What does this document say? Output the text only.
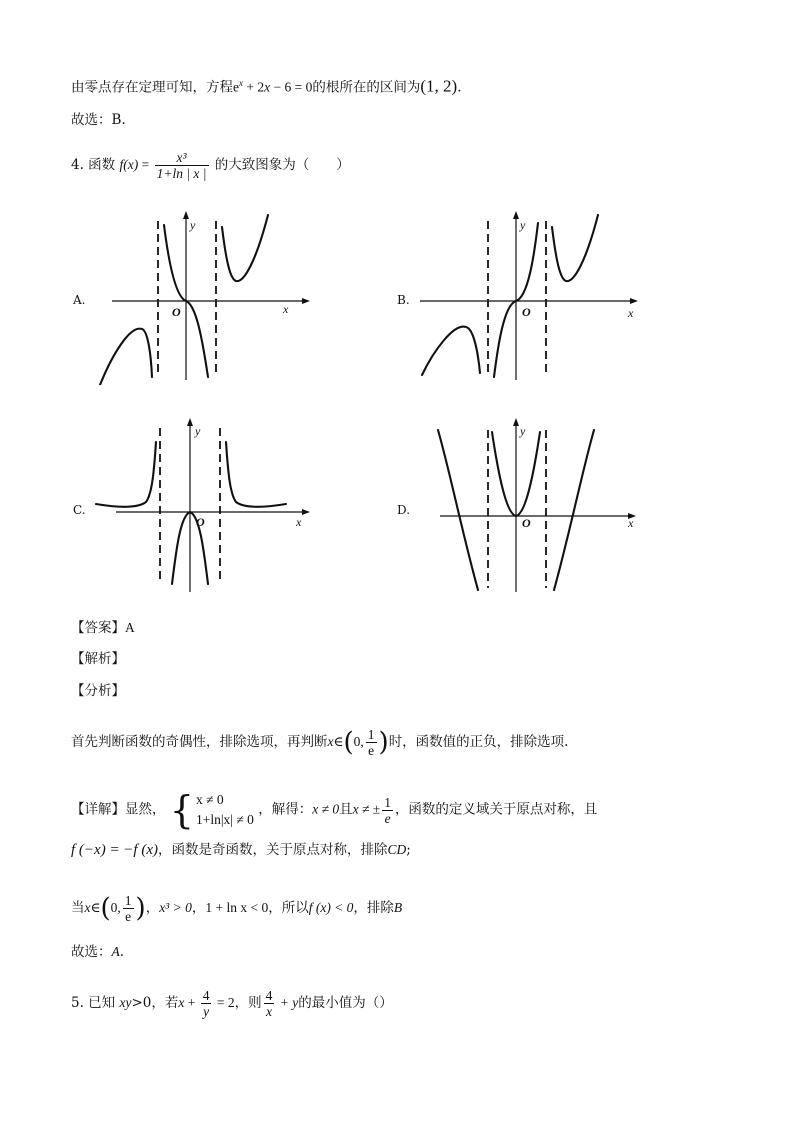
由零点存在定理可知，方程$e^x + 2x - 6 = 0$的根所在的区间为(1, 2).
故选：B.
4. 函数 $f(x) = \frac{\text{x³}}{1+\ln | x |}$ 的大致图象为（　　）
A.	B.
C.	D.
y
x
O
y
x
O
y
x
O
y
x
O
【答案】A
【解析】
【分析】
首先判断函数的奇偶性，排除选项，再判断x∈(0, $\frac{1}{e}$ )时，函数值的正负，排除选项.
【详解】显然， { x ≠ 0
1+ln|x| ≠ 0
，解得：x ≠ 0且x ≠ ± $\frac{1}{e}$ ，函数的定义域关于原点对称，且
f (−x) = −f (x)，函数是奇函数，关于原点对称，排除CD;
当x∈(0, $\frac{1}{e}$ )，x³ > 0，1 + ln x < 0，所以f (x) < 0，排除B
故选：A.
5. 已知 xy>0，若$x + \frac{4}{y} = 2$，则 $\frac{4}{x} + y$的最小值为（）
